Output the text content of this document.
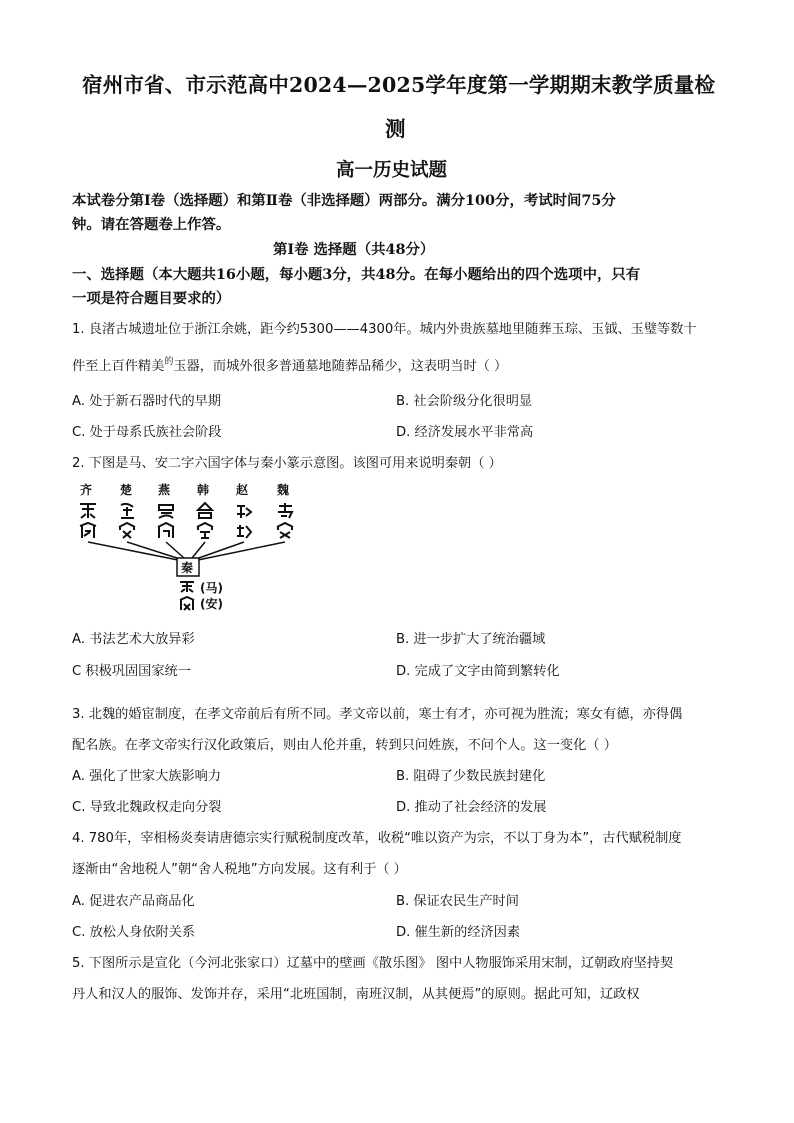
宿州市省、市示范高中2024—2025学年度第一学期期末教学质量检
测
高一历史试题
本试卷分第Ⅰ卷（选择题）和第Ⅱ卷（非选择题）两部分。满分100分，考试时间75分
钟。请在答题卷上作答。
第Ⅰ卷 选择题（共48分）
一、选择题（本大题共16小题，每小题3分，共48分。在每小题给出的四个选项中，只有
一项是符合题目要求的）
1. 良渚古城遗址位于浙江余姚，距今约5300——4300年。城内外贵族墓地里随葬玉琮、玉钺、玉璧等数十
件至上百件精美$^的$玉器，而城外很多普通墓地随葬品稀少，这表明当时（ ）
A. 处于新石器时代的早期	B. 社会阶级分化很明显
C. 处于母系氏族社会阶段	D. 经济发展水平非常高
2. 下图是马、安二字六国字体与秦小篆示意图。该图可用来说明秦朝（ ）
齐 楚 燕 韩 赵 魏
秦
(马)
(安)
A. 书法艺术大放异彩	B. 进一步扩大了统治疆域
C 积极巩固国家统一	D. 完成了文字由简到繁转化
3. 北魏的婚宦制度，在孝文帝前后有所不同。孝文帝以前，寒士有才，亦可视为胜流；寒女有德，亦得偶
配名族。在孝文帝实行汉化政策后，则由人伦并重，转到只问姓族，不问个人。这一变化（ ）
A. 强化了世家大族影响力	B. 阻碍了少数民族封建化
C. 导致北魏政权走向分裂	D. 推动了社会经济的发展
4. 780年，宰相杨炎奏请唐德宗实行赋税制度改革，收税“唯以资产为宗，不以丁身为本”，古代赋税制度
逐渐由“舍地税人”朝“舍人税地”方向发展。这有利于（ ）
A. 促进农产品商品化	B. 保证农民生产时间
C. 放松人身依附关系	D. 催生新的经济因素
5. 下图所示是宣化（今河北张家口）辽墓中的壁画《散乐图》 图中人物服饰采用宋制，辽朝政府坚持契
丹人和汉人的服饰、发饰并存，采用“北班国制，南班汉制，从其便焉”的原则。据此可知，辽政权
